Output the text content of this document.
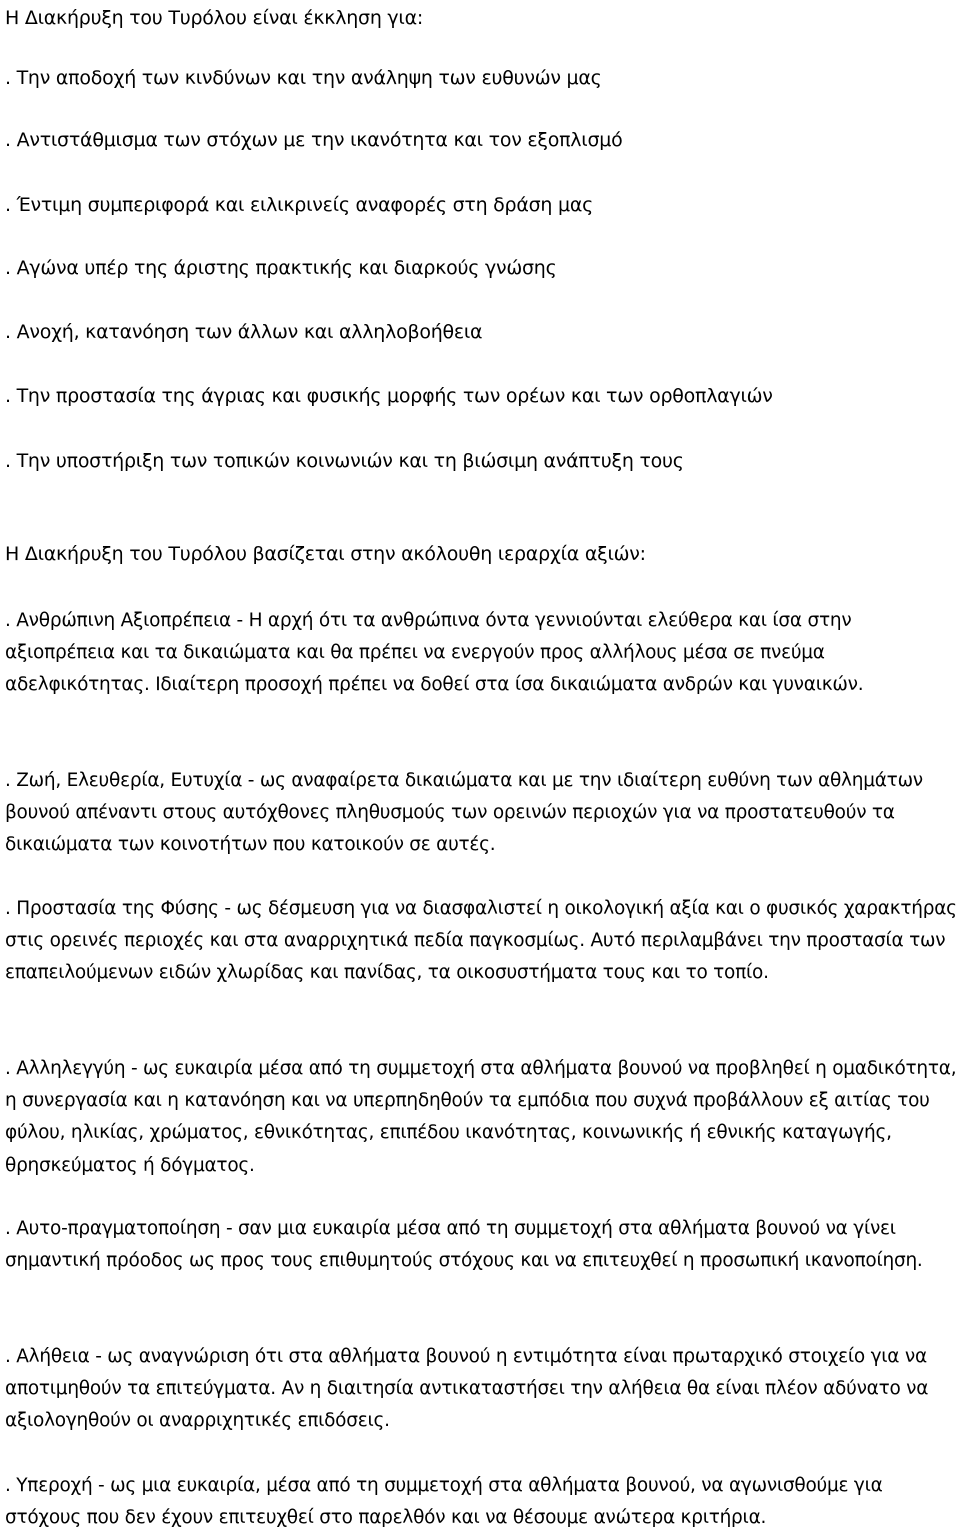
Η Διακήρυξη του Τυρόλου είναι έκκληση για:

. Την αποδοχή των κινδύνων και την ανάληψη των ευθυνών μας

. Αντιστάθμισμα των στόχων με την ικανότητα και τον εξοπλισμό

. Έντιμη συμπεριφορά και ειλικρινείς αναφορές στη δράση μας

. Αγώνα υπέρ της άριστης πρακτικής και διαρκούς γνώσης

. Ανοχή, κατανόηση των άλλων και αλληλοβοήθεια

. Την προστασία της άγριας και φυσικής μορφής των ορέων και των ορθοπλαγιών

. Την υποστήριξη των τοπικών κοινωνιών και τη βιώσιμη ανάπτυξη τους

Η Διακήρυξη του Τυρόλου βασίζεται στην ακόλουθη ιεραρχία αξιών:

. Ανθρώπινη Αξιοπρέπεια - Η αρχή ότι τα ανθρώπινα όντα γεννιούνται ελεύθερα και ίσα στην αξιοπρέπεια και τα δικαιώματα και θα πρέπει να ενεργούν προς αλλήλους μέσα σε πνεύμα αδελφικότητας. Ιδιαίτερη προσοχή πρέπει να δοθεί στα ίσα δικαιώματα ανδρών και γυναικών.

. Ζωή, Ελευθερία, Ευτυχία - ως αναφαίρετα δικαιώματα και με την ιδιαίτερη ευθύνη των αθλημάτων βουνού απέναντι στους αυτόχθονες πληθυσμούς των ορεινών περιοχών για να προστατευθούν τα δικαιώματα των κοινοτήτων που κατοικούν σε αυτές.

. Προστασία της Φύσης - ως δέσμευση για να διασφαλιστεί η οικολογική αξία και ο φυσικός χαρακτήρας στις ορεινές περιοχές και στα αναρριχητικά πεδία παγκοσμίως. Αυτό περιλαμβάνει την προστασία των επαπειλούμενων ειδών χλωρίδας και πανίδας, τα οικοσυστήματα τους και το τοπίο.

. Αλληλεγγύη - ως ευκαιρία μέσα από τη συμμετοχή στα αθλήματα βουνού να προβληθεί η ομαδικότητα, η συνεργασία και η κατανόηση και να υπερπηδηθούν τα εμπόδια που συχνά προβάλλουν εξ αιτίας του φύλου, ηλικίας, χρώματος, εθνικότητας, επιπέδου ικανότητας, κοινωνικής ή εθνικής καταγωγής, θρησκεύματος ή δόγματος.

. Αυτο-πραγματοποίηση - σαν μια ευκαιρία μέσα από τη συμμετοχή στα αθλήματα βουνού να γίνει σημαντική πρόοδος ως προς τους επιθυμητούς στόχους και να επιτευχθεί η προσωπική ικανοποίηση.

. Αλήθεια - ως αναγνώριση ότι στα αθλήματα βουνού η εντιμότητα είναι πρωταρχικό στοιχείο για να αποτιμηθούν τα επιτεύγματα. Αν η διαιτησία αντικαταστήσει την αλήθεια θα είναι πλέον αδύνατο να αξιολογηθούν οι αναρριχητικές επιδόσεις.

. Υπεροχή - ως μια ευκαιρία, μέσα από τη συμμετοχή στα αθλήματα βουνού, να αγωνισθούμε για στόχους που δεν έχουν επιτευχθεί στο παρελθόν και να θέσουμε ανώτερα κριτήρια.
